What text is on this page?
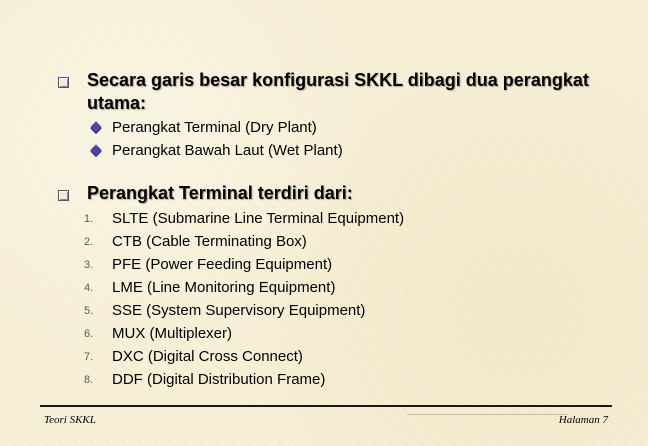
Secara garis besar konfigurasi SKKL dibagi dua perangkat utama:

Perangkat Terminal (Dry Plant)
Perangkat Bawah Laut (Wet Plant)

Perangkat Terminal terdiri dari:

1.	SLTE (Submarine Line Terminal Equipment)
2.	CTB (Cable Terminating Box)
3.	PFE (Power Feeding Equipment)
4.	LME (Line Monitoring Equipment)
5.	SSE (System Supervisory Equipment)
6.	MUX (Multiplexer)
7.	DXC (Digital Cross Connect)
8.	DDF (Digital Distribution Frame)
Teori SKKL	Halaman 7
